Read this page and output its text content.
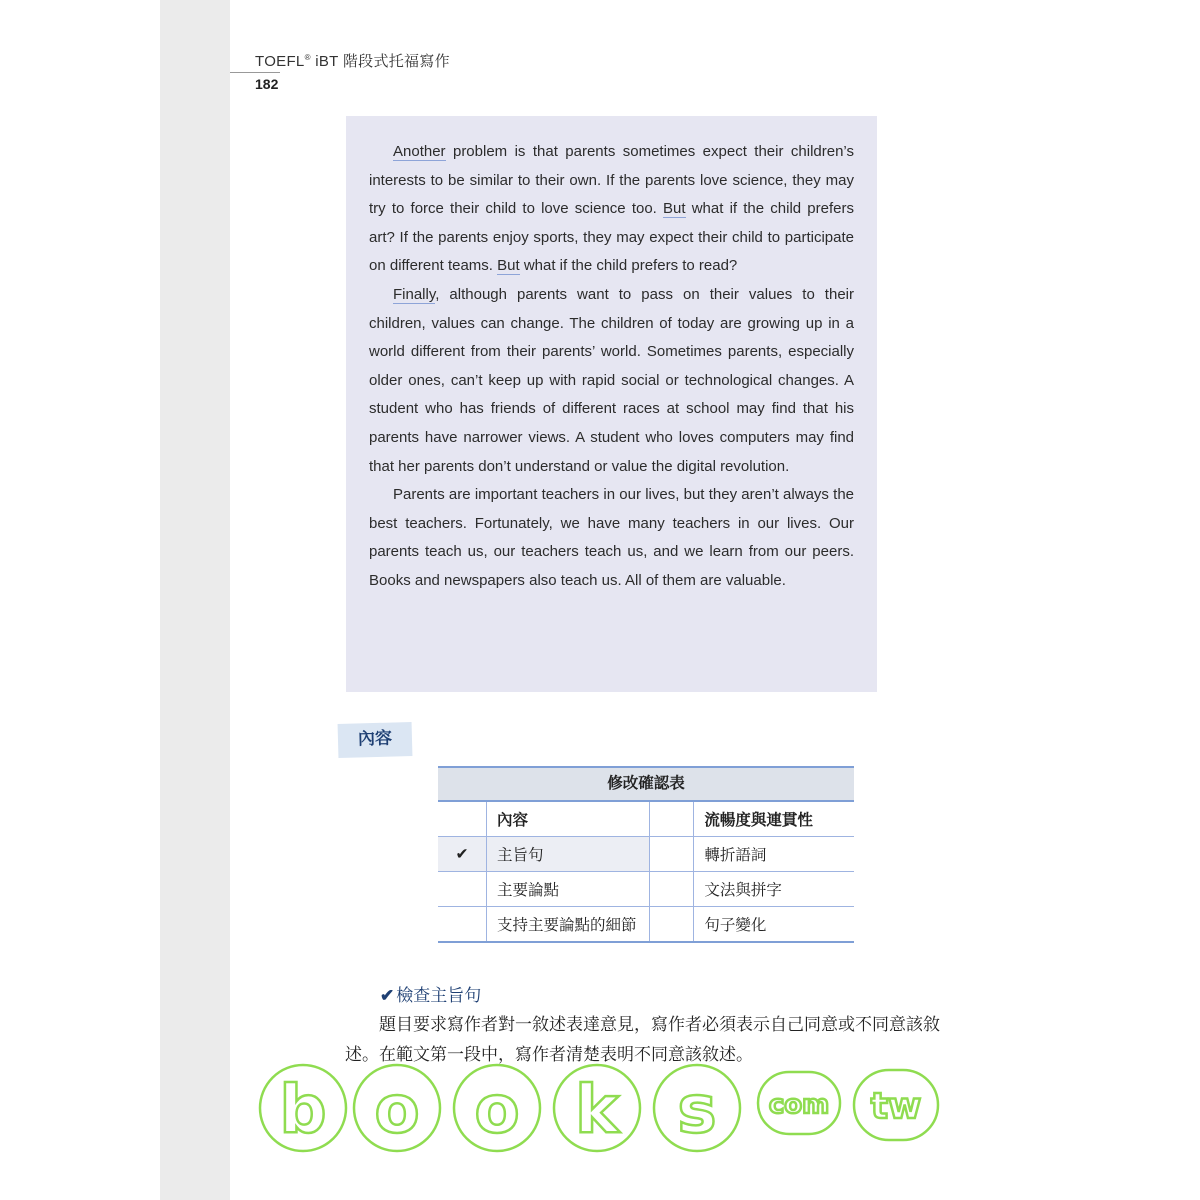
TOEFL® iBT 階段式托福寫作
182

Another problem is that parents sometimes expect their children’s interests to be similar to their own. If the parents love science, they may try to force their child to love science too. But what if the child prefers art? If the parents enjoy sports, they may expect their child to participate on different teams. But what if the child prefers to read?

Finally, although parents want to pass on their values to their children, values can change. The children of today are growing up in a world different from their parents’ world. Sometimes parents, especially older ones, can’t keep up with rapid social or technological changes. A student who has friends of different races at school may find that his parents have narrower views. A student who loves computers may find that her parents don’t understand or value the digital revolution.

Parents are important teachers in our lives, but they aren’t always the best teachers. Fortunately, we have many teachers in our lives. Our parents teach us, our teachers teach us, and we learn from our peers. Books and newspapers also teach us. All of them are valuable.

內容
修改確認表
	內容		流暢度與連貫性
✔	主旨句		轉折語詞
	主要論點		文法與拼字
	支持主要論點的細節		句子變化
✔ 檢查主旨句

題目要求寫作者對一敘述表達意見，寫作者必須表示自己同意或不同意該敘述。在範文第一段中，寫作者清楚表明不同意該敘述。

b o o k s com tw
